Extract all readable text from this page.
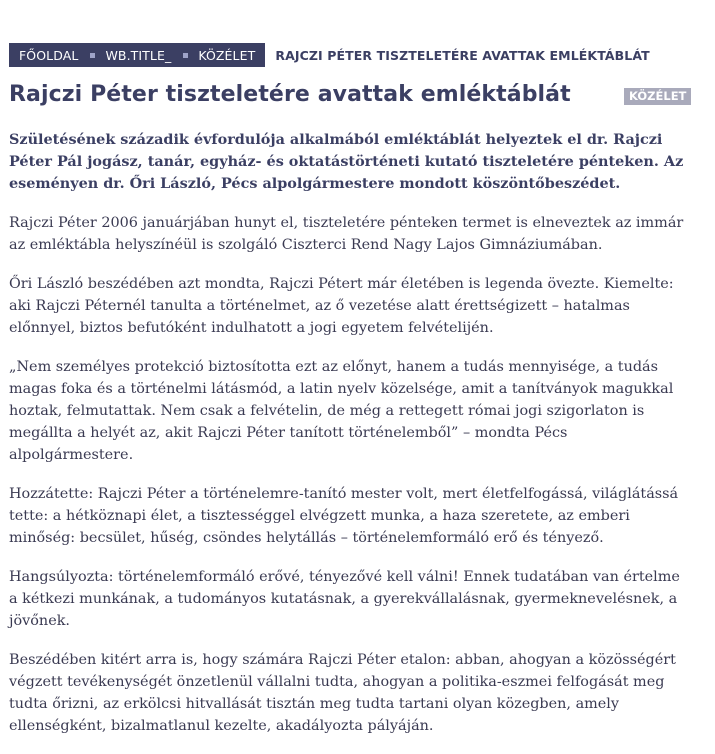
FŐOLDAL WB.TITLE_ KÖZÉLET RAJCZI PÉTER TISZTELETÉRE AVATTAK EMLÉKTÁBLÁT
Rajczi Péter tiszteletére avattak emléktáblát	KÖZÉLET

Születésének századik évfordulója alkalmából emléktáblát helyeztek el dr. Rajczi Péter Pál jogász, tanár, egyház- és oktatástörténeti kutató tiszteletére pénteken. Az eseményen dr. Őri László, Pécs alpolgármestere mondott köszöntőbeszédet.

Rajczi Péter 2006 januárjában hunyt el, tiszteletére pénteken termet is elneveztek az immár az emléktábla helyszínéül is szolgáló Ciszterci Rend Nagy Lajos Gimnáziumában.

Őri László beszédében azt mondta, Rajczi Pétert már életében is legenda övezte. Kiemelte: aki Rajczi Péternél tanulta a történelmet, az ő vezetése alatt érettségizett – hatalmas előnnyel, biztos befutóként indulhatott a jogi egyetem felvételijén.

„Nem személyes protekció biztosította ezt az előnyt, hanem a tudás mennyisége, a tudás magas foka és a történelmi látásmód, a latin nyelv közelsége, amit a tanítványok magukkal hoztak, felmutattak. Nem csak a felvételin, de még a rettegett római jogi szigorlaton is megállta a helyét az, akit Rajczi Péter tanított történelemből” – mondta Pécs alpolgármestere.

Hozzátette: Rajczi Péter a történelemre-tanító mester volt, mert életfelfogássá, világlátássá tette: a hétköznapi élet, a tisztességgel elvégzett munka, a haza szeretete, az emberi minőség: becsület, hűség, csöndes helytállás – történelemformáló erő és tényező.

Hangsúlyozta: történelemformáló erővé, tényezővé kell válni! Ennek tudatában van értelme a kétkezi munkának, a tudományos kutatásnak, a gyerekvállalásnak, gyermeknevelésnek, a jövőnek.

Beszédében kitért arra is, hogy számára Rajczi Péter etalon: abban, ahogyan a közösségért végzett tevékenységét önzetlenül vállalni tudta, ahogyan a politika-eszmei felfogását meg tudta őrizni, az erkölcsi hitvallását tisztán meg tudta tartani olyan közegben, amely ellenségként, bizalmatlanul kezelte, akadályozta pályáján.
